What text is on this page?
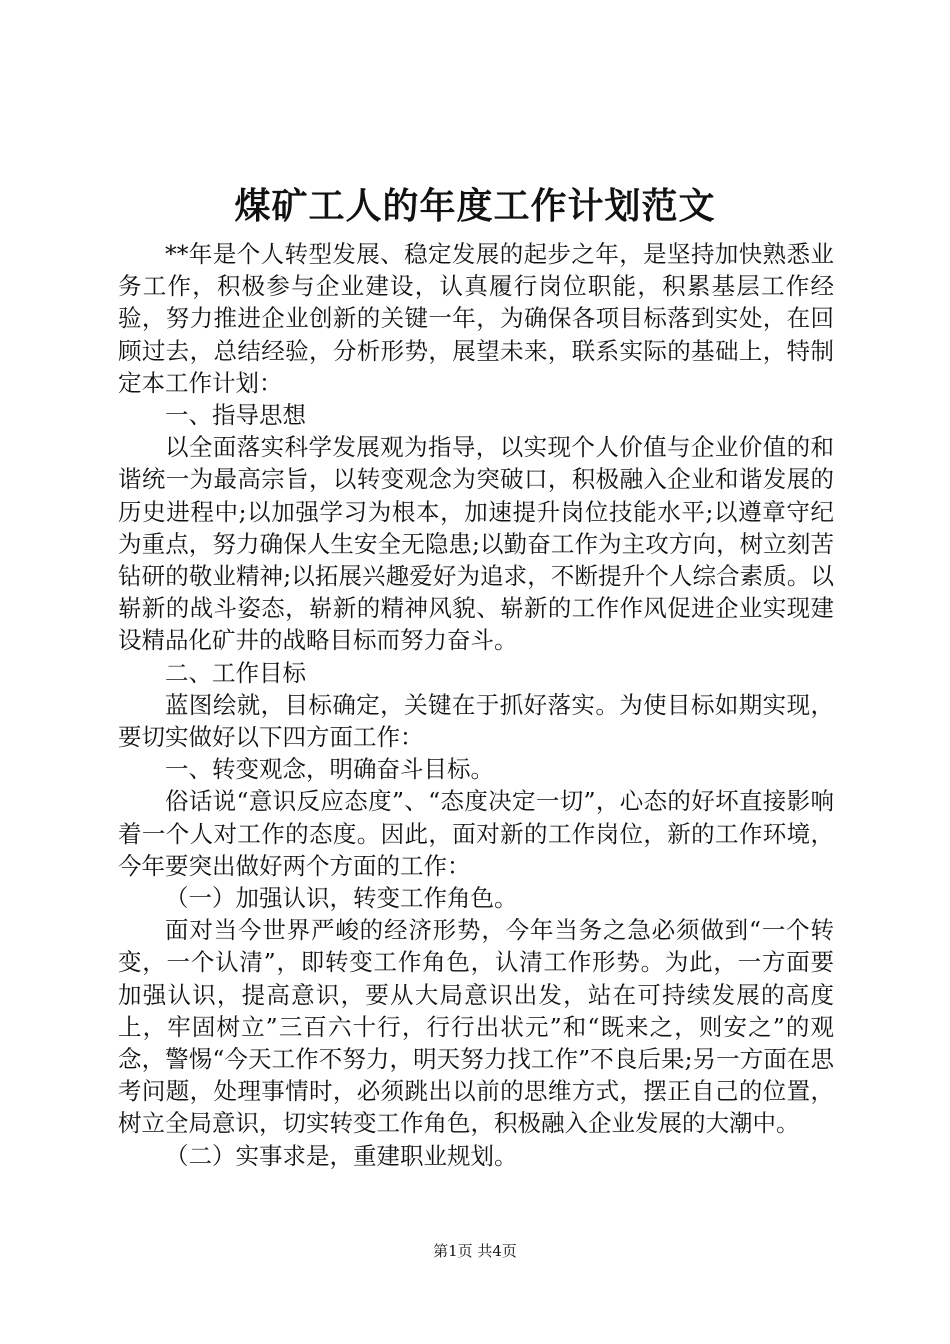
煤矿工人的年度工作计划范文

**年是个人转型发展、稳定发展的起步之年，是坚持加快熟悉业务工作，积极参与企业建设，认真履行岗位职能，积累基层工作经验，努力推进企业创新的关键一年，为确保各项目标落到实处，在回顾过去，总结经验，分析形势，展望未来，联系实际的基础上，特制定本工作计划：

一、指导思想

以全面落实科学发展观为指导，以实现个人价值与企业价值的和谐统一为最高宗旨，以转变观念为突破口，积极融入企业和谐发展的历史进程中;以加强学习为根本，加速提升岗位技能水平;以遵章守纪为重点，努力确保人生安全无隐患;以勤奋工作为主攻方向，树立刻苦钻研的敬业精神;以拓展兴趣爱好为追求，不断提升个人综合素质。以崭新的战斗姿态，崭新的精神风貌、崭新的工作作风促进企业实现建设精品化矿井的战略目标而努力奋斗。

二、工作目标

蓝图绘就，目标确定，关键在于抓好落实。为使目标如期实现，要切实做好以下四方面工作：

一、转变观念，明确奋斗目标。

俗话说“意识反应态度”、“态度决定一切”，心态的好坏直接影响着一个人对工作的态度。因此，面对新的工作岗位，新的工作环境，今年要突出做好两个方面的工作：

（一）加强认识，转变工作角色。

面对当今世界严峻的经济形势，今年当务之急必须做到“一个转变，一个认清”，即转变工作角色，认清工作形势。为此，一方面要加强认识，提高意识，要从大局意识出发，站在可持续发展的高度上，牢固树立”三百六十行，行行出状元”和“既来之，则安之”的观念，警惕“今天工作不努力，明天努力找工作”不良后果;另一方面在思考问题，处理事情时，必须跳出以前的思维方式，摆正自己的位置，树立全局意识，切实转变工作角色，积极融入企业发展的大潮中。

（二）实事求是，重建职业规划。

第1页 共4页
